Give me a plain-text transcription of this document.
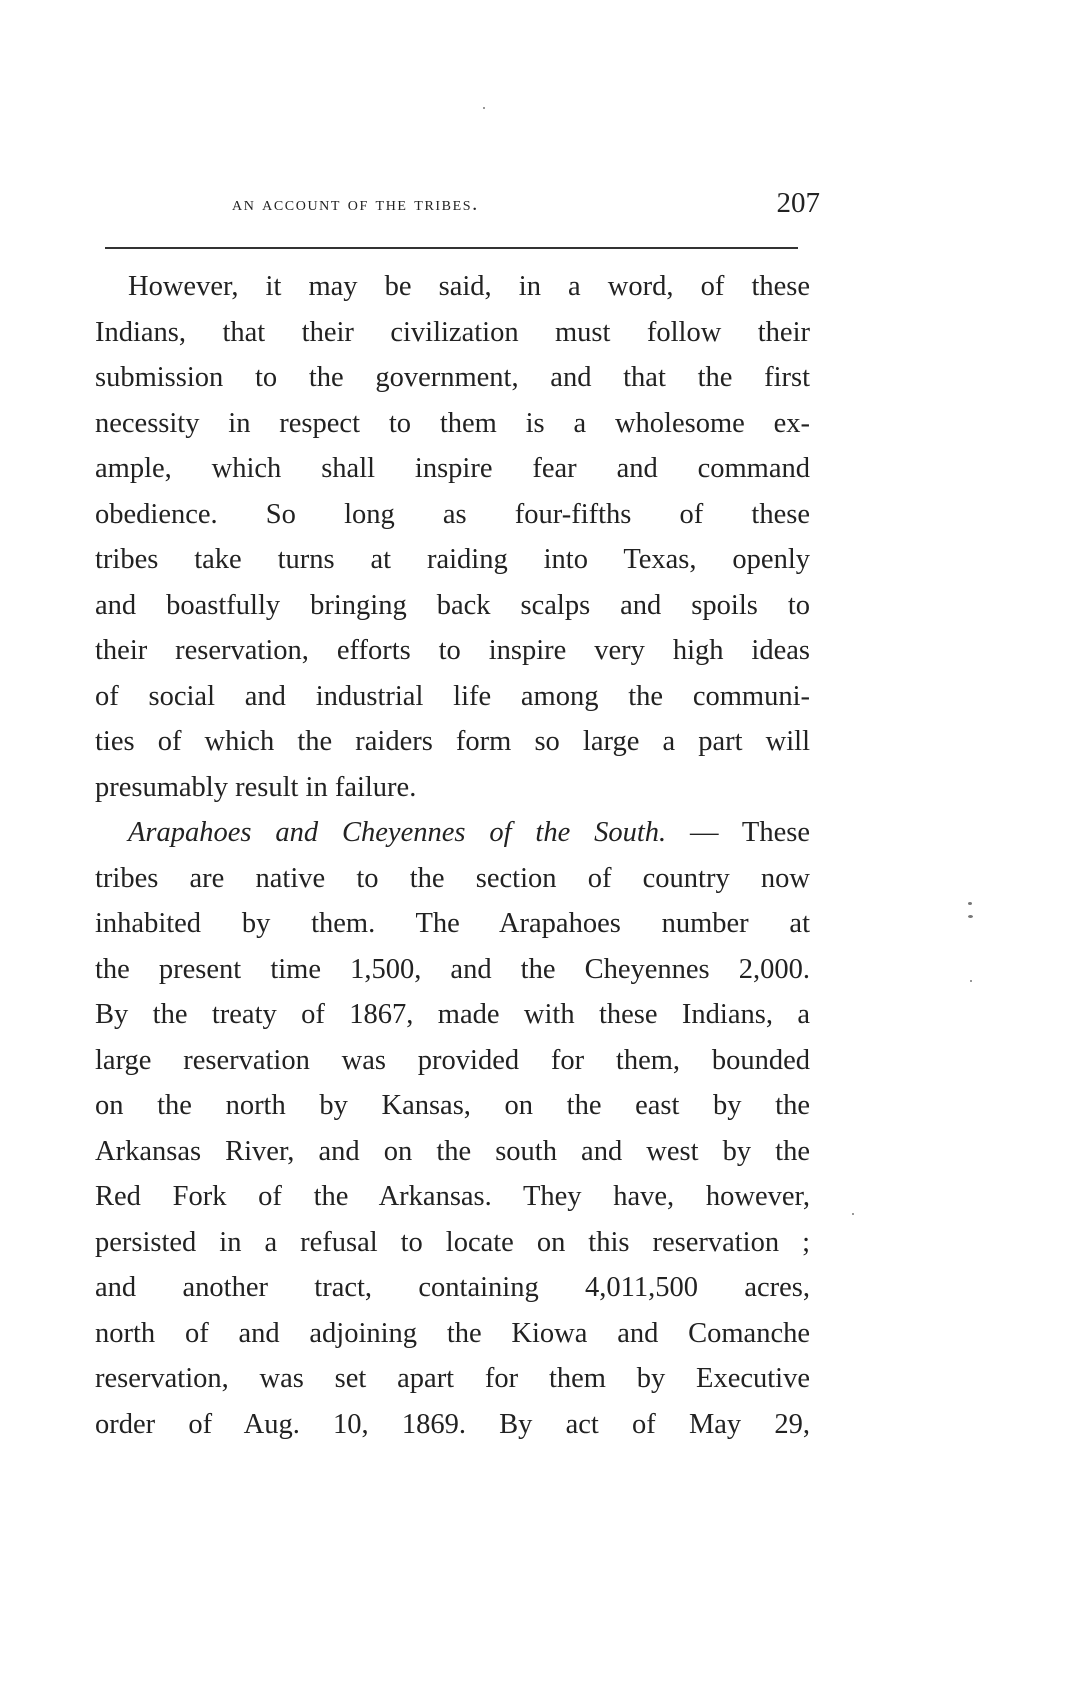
an account of the tribes.	207
However, it may be said, in a word, of these
Indians, that their civilization must follow their
submission to the government, and that the first
necessity in respect to them is a wholesome ex-
ample, which shall inspire fear and command
obedience. So long as four-fifths of these
tribes take turns at raiding into Texas, openly
and boastfully bringing back scalps and spoils to
their reservation, efforts to inspire very high ideas
of social and industrial life among the communi-
ties of which the raiders form so large a part will
presumably result in failure.
Arapahoes and Cheyennes of the South. — These
tribes are native to the section of country now
inhabited by them. The Arapahoes number at
the present time 1,500, and the Cheyennes 2,000.
By the treaty of 1867, made with these Indians, a
large reservation was provided for them, bounded
on the north by Kansas, on the east by the
Arkansas River, and on the south and west by the
Red Fork of the Arkansas. They have, however,
persisted in a refusal to locate on this reservation ;
and another tract, containing 4,011,500 acres,
north of and adjoining the Kiowa and Comanche
reservation, was set apart for them by Executive
order of Aug. 10, 1869. By act of May 29,
